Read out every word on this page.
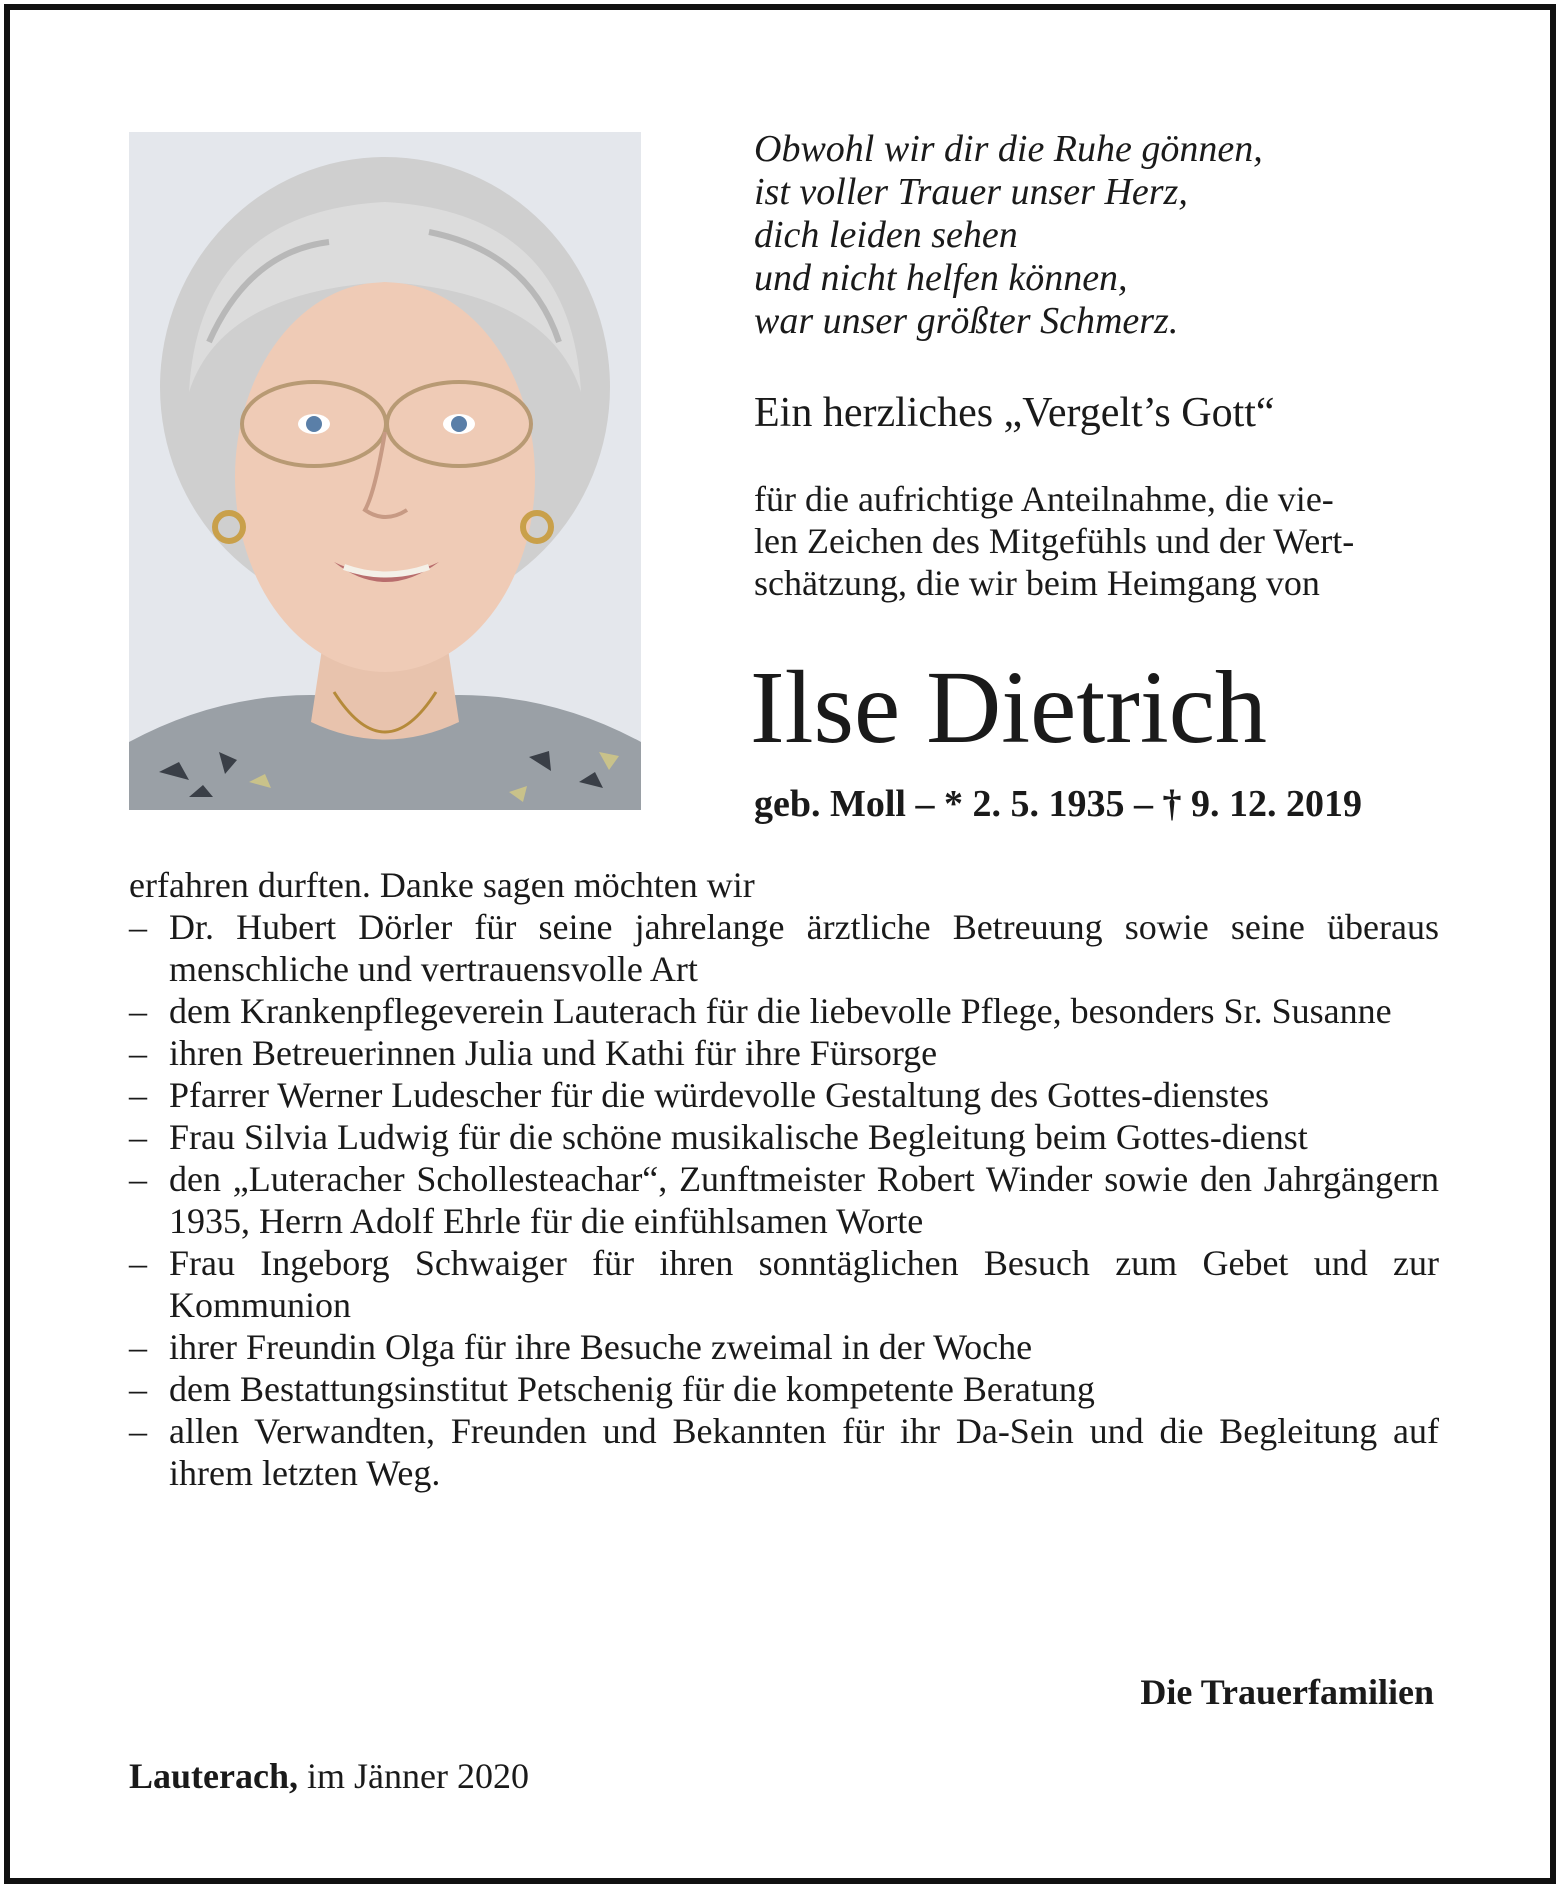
Obwohl wir dir die Ruhe gönnen,
ist voller Trauer unser Herz,
dich leiden sehen
und nicht helfen können,
war unser größter Schmerz.
Ein herzliches „Vergelt’s Gott“
für die aufrichtige Anteilnahme, die vie-
len Zeichen des Mitgefühls und der Wert-
schätzung, die wir beim Heimgang von
Ilse Dietrich
geb. Moll – * 2. 5. 1935 – † 9. 12. 2019
erfahren durften. Danke sagen möchten wir
– Dr. Hubert Dörler für seine jahrelange ärztliche Betreuung sowie seine überaus menschliche und vertrauensvolle Art
– dem Krankenpflegeverein Lauterach für die liebevolle Pflege, besonders Sr. Susanne
– ihren Betreuerinnen Julia und Kathi für ihre Fürsorge
– Pfarrer Werner Ludescher für die würdevolle Gestaltung des Gottes-dienstes
– Frau Silvia Ludwig für die schöne musikalische Begleitung beim Gottes-dienst
– den „Luteracher Schollesteachar“, Zunftmeister Robert Winder sowie den Jahrgängern 1935, Herrn Adolf Ehrle für die einfühlsamen Worte
– Frau Ingeborg Schwaiger für ihren sonntäglichen Besuch zum Gebet und zur Kommunion
– ihrer Freundin Olga für ihre Besuche zweimal in der Woche
– dem Bestattungsinstitut Petschenig für die kompetente Beratung
– allen Verwandten, Freunden und Bekannten für ihr Da-Sein und die Begleitung auf ihrem letzten Weg.
Die Trauerfamilien
Lauterach, im Jänner 2020
